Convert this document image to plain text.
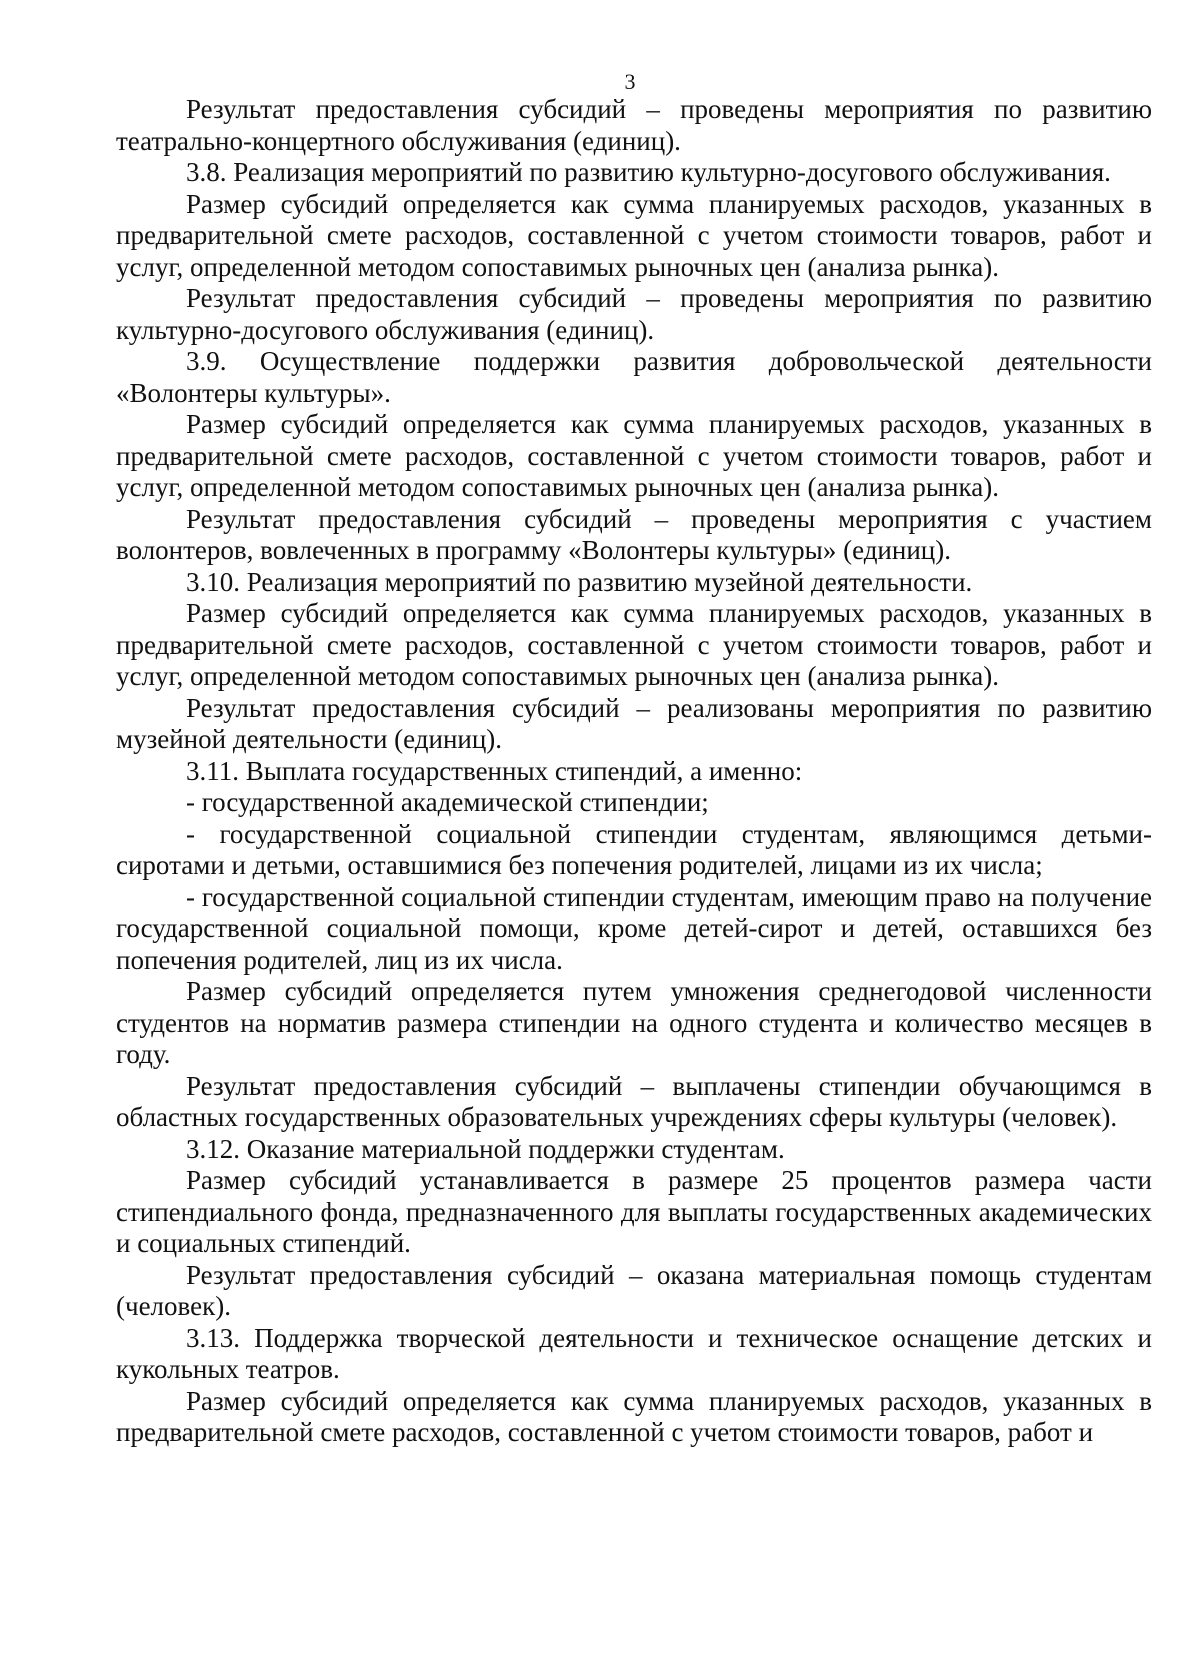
3

Результат предоставления субсидий – проведены мероприятия по развитию театрально-концертного обслуживания (единиц).

3.8. Реализация мероприятий по развитию культурно-досугового обслуживания.

Размер субсидий определяется как сумма планируемых расходов, указанных в предварительной смете расходов, составленной с учетом стоимости товаров, работ и услуг, определенной методом сопоставимых рыночных цен (анализа рынка).

Результат предоставления субсидий – проведены мероприятия по развитию культурно-досугового обслуживания (единиц).

3.9. Осуществление поддержки развития добровольческой деятельности «Волонтеры культуры».

Размер субсидий определяется как сумма планируемых расходов, указанных в предварительной смете расходов, составленной с учетом стоимости товаров, работ и услуг, определенной методом сопоставимых рыночных цен (анализа рынка).

Результат предоставления субсидий – проведены мероприятия с участием волонтеров, вовлеченных в программу «Волонтеры культуры» (единиц).

3.10. Реализация мероприятий по развитию музейной деятельности.

Размер субсидий определяется как сумма планируемых расходов, указанных в предварительной смете расходов, составленной с учетом стоимости товаров, работ и услуг, определенной методом сопоставимых рыночных цен (анализа рынка).

Результат предоставления субсидий – реализованы мероприятия по развитию музейной деятельности (единиц).

3.11. Выплата государственных стипендий, а именно:

- государственной академической стипендии;

- государственной социальной стипендии студентам, являющимся детьми-сиротами и детьми, оставшимися без попечения родителей, лицами из их числа;

- государственной социальной стипендии студентам, имеющим право на получение государственной социальной помощи, кроме детей-сирот и детей, оставшихся без попечения родителей, лиц из их числа.

Размер субсидий определяется путем умножения среднегодовой численности студентов на норматив размера стипендии на одного студента и количество месяцев в году.

Результат предоставления субсидий – выплачены стипендии обучающимся в областных государственных образовательных учреждениях сферы культуры (человек).

3.12. Оказание материальной поддержки студентам.

Размер субсидий устанавливается в размере 25 процентов размера части стипендиального фонда, предназначенного для выплаты государственных академических и социальных стипендий.

Результат предоставления субсидий – оказана материальная помощь студентам (человек).

3.13. Поддержка творческой деятельности и техническое оснащение детских и кукольных театров.

Размер субсидий определяется как сумма планируемых расходов, указанных в предварительной смете расходов, составленной с учетом стоимости товаров, работ и
